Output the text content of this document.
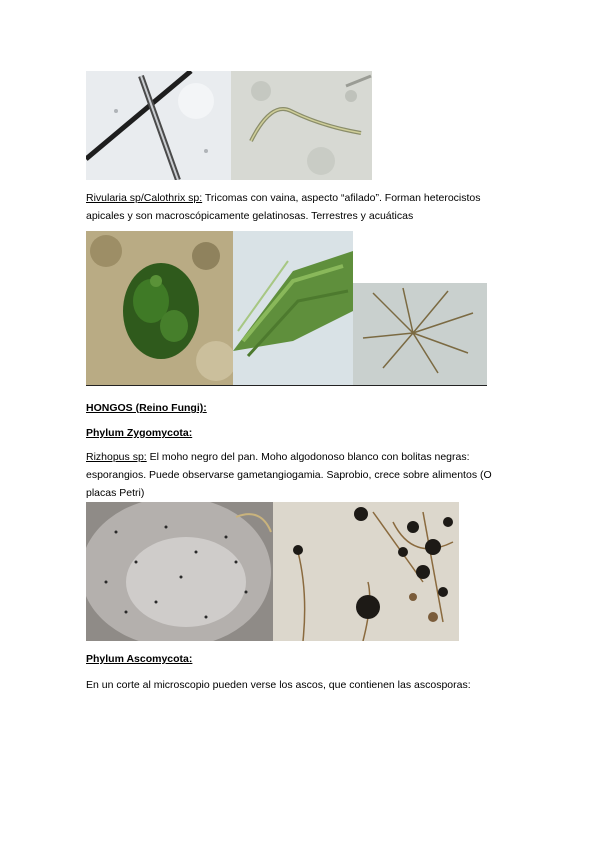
Rivularia sp/Calothrix sp: Tricomas con vaina, aspecto “afilado”. Forman heterocistos apicales y son macroscópicamente gelatinosas. Terrestres y acuáticas
HONGOS (Reino Fungi):
Phylum Zygomycota:
Rizhopus sp: El moho negro del pan. Moho algodonoso blanco con bolitas negras: esporangios. Puede observarse gametangiogamia. Saprobio, crece sobre alimentos (O placas Petri)
Phylum Ascomycota:
En un corte al microscopio pueden verse los ascos, que contienen las ascosporas:
